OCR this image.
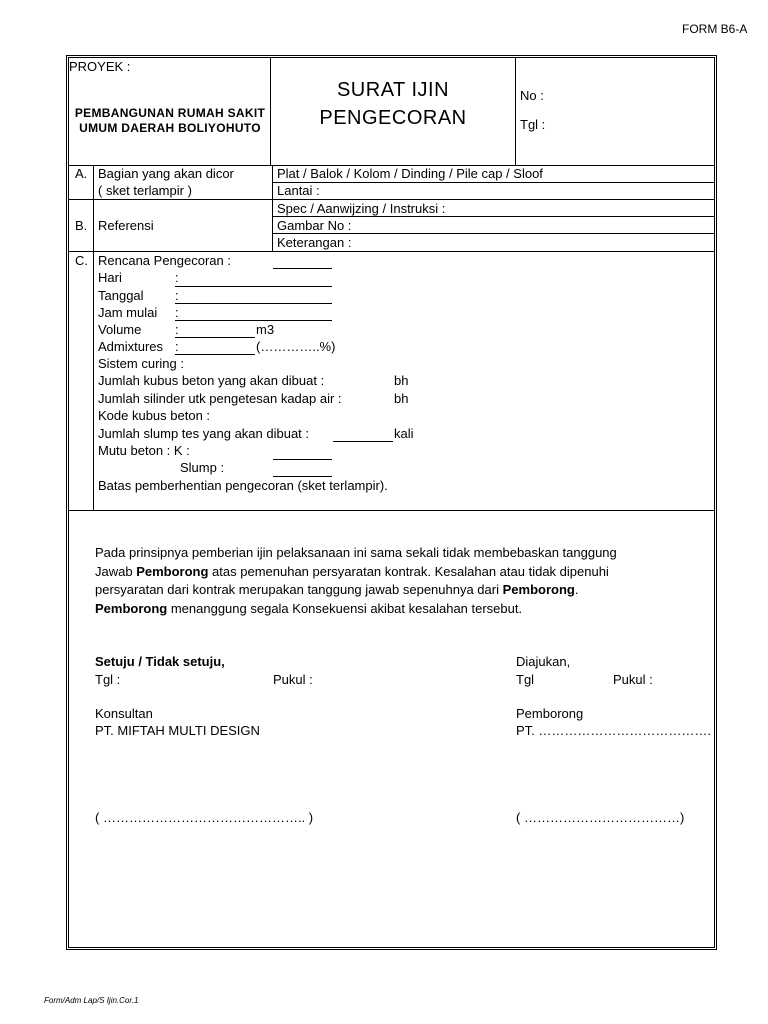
FORM B6-A
PROYEK :
PEMBANGUNAN RUMAH SAKIT
UMUM DAERAH BOLIYOHUTO
SURAT IJIN
PENGECORAN
No :
Tgl :
A. Bagian yang akan dicor
( sket terlampir )
Plat / Balok / Kolom / Dinding / Pile cap / Sloof
Lantai :
B. Referensi
Spec / Aanwijzing / Instruksi :
Gambar No :
Keterangan :
C. Rencana Pengecoran :
Hari	:
Tanggal :
Jam mulai :
Volume	:	m3
Admixtures :	(…………..%)
Sistem curing :
Jumlah kubus beton yang akan dibuat :	bh
Jumlah silinder utk pengetesan kadap air :	bh
Kode kubus beton :
Jumlah slump tes yang akan dibuat :	kali
Mutu beton : K :
Slump :
Batas pemberhentian pengecoran (sket terlampir).
Pada prinsipnya pemberian ijin pelaksanaan ini sama sekali tidak membebaskan tanggung
Jawab Pemborong atas pemenuhan persyaratan kontrak. Kesalahan atau tidak dipenuhi
persyaratan dari kontrak merupakan tanggung jawab sepenuhnya dari Pemborong.
Pemborong menanggung segala Konsekuensi akibat kesalahan tersebut.
Setuju / Tidak setuju,
Tgl :	Pukul :
Konsultan
PT. MIFTAH MULTI DESIGN
( ……………………………………….. )
Diajukan,
Tgl	Pukul :
Pemborong
PT. ………………………………….
( ………………………………)
Form/Adm Lap/S Ijin.Cor.1
